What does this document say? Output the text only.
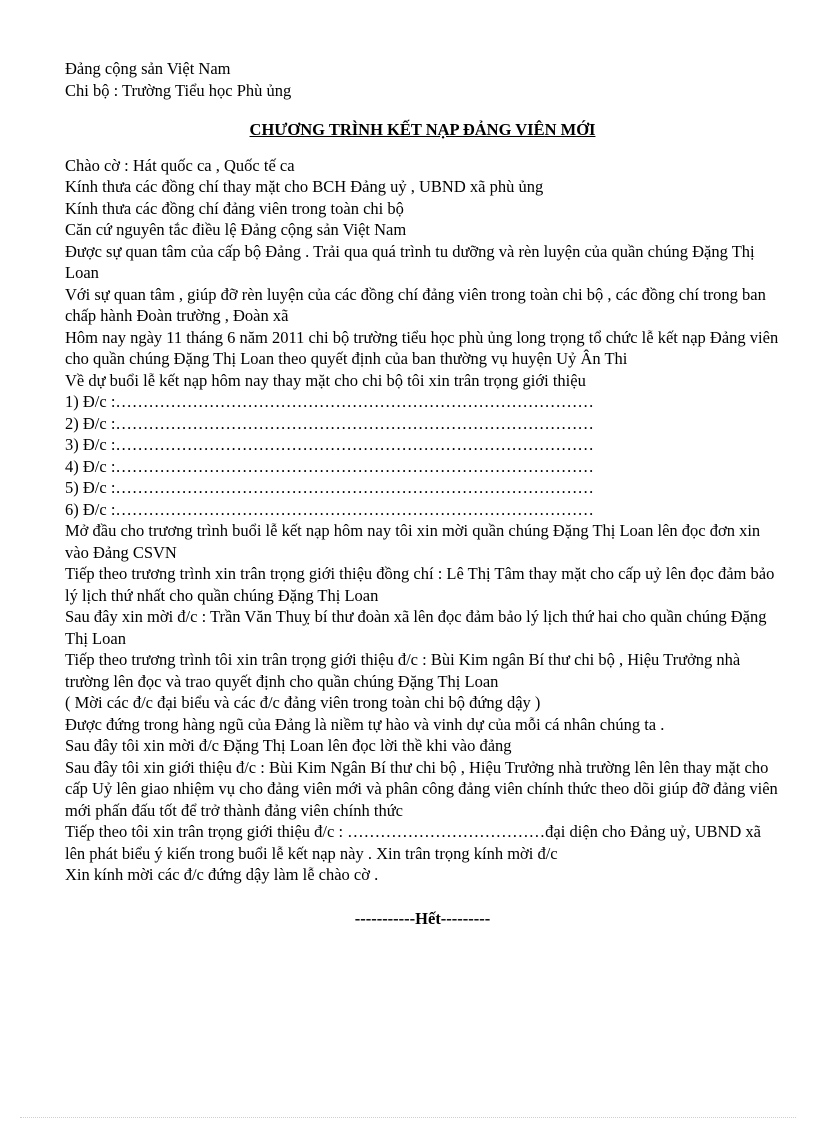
Đảng cộng sản Việt Nam
Chi bộ : Trường Tiểu học Phù ủng
CHƯƠNG TRÌNH KẾT NẠP ĐẢNG VIÊN MỚI
Chào cờ : Hát quốc ca , Quốc tế ca
Kính thưa các đồng chí thay mặt cho BCH Đảng uỷ , UBND xã phù ủng
Kính thưa các đồng chí đảng viên trong toàn chi bộ
Căn cứ nguyên tắc điều lệ Đảng cộng sản Việt Nam
Được sự quan tâm của cấp bộ Đảng . Trải qua quá trình tu dưỡng và rèn luyện của quần chúng Đặng Thị Loan
Với sự quan tâm , giúp đỡ rèn luyện của các đồng chí đảng viên trong toàn chi bộ , các đồng chí trong ban chấp hành Đoàn trường , Đoàn xã
Hôm nay ngày 11 tháng 6 năm 2011 chi bộ trường tiểu học phù ủng long trọng tổ chức lễ kết nạp Đảng viên cho quần chúng Đặng Thị Loan theo quyết định của ban thường vụ huyện Uỷ Ân Thi
Về dự buổi lễ kết nạp hôm nay thay mặt cho chi bộ tôi xin trân trọng giới thiệu
1) Đ/c :……………………………………………………………………………
2) Đ/c :……………………………………………………………………………
3) Đ/c :……………………………………………………………………………
4) Đ/c :……………………………………………………………………………
5) Đ/c :……………………………………………………………………………
6) Đ/c :……………………………………………………………………………
Mở đầu cho trương trình buổi lễ kết nạp hôm nay tôi xin mời quần chúng Đặng Thị Loan lên đọc đơn xin vào Đảng CSVN
Tiếp theo trương trình xin trân trọng giới thiệu đồng chí : Lê Thị Tâm thay mặt cho cấp uỷ lên đọc đảm bảo lý lịch thứ nhất cho quần chúng Đặng Thị Loan
Sau đây xin mời đ/c : Trần Văn Thuỵ bí thư đoàn xã lên đọc đảm bảo lý lịch thứ hai cho quần chúng Đặng Thị Loan
Tiếp theo trương trình tôi xin trân trọng giới thiệu đ/c : Bùi Kim ngân Bí thư chi bộ , Hiệu Trưởng nhà trường lên đọc và trao quyết định cho quần chúng Đặng Thị Loan
( Mời các đ/c đại biểu và các đ/c đảng viên trong toàn chi bộ đứng dậy )
Được đứng trong hàng ngũ của Đảng là niềm tự hào và vinh dự của mỗi cá nhân chúng ta .
Sau đây tôi xin mời đ/c Đặng Thị Loan lên đọc lời thề khi vào đảng
Sau đây tôi xin giới thiệu đ/c : Bùi Kim Ngân Bí thư chi bộ , Hiệu Trưởng nhà trường lên lên thay mặt cho cấp Uỷ lên giao nhiệm vụ cho đảng viên mới và phân công đảng viên chính thức theo dõi giúp đỡ đảng viên mới phấn đấu tốt để trở thành đảng viên chính thức
Tiếp theo tôi xin trân trọng giới thiệu đ/c : ………………………………đại diện cho Đảng uỷ, UBND xã lên phát biểu ý kiến trong buổi lễ kết nạp này . Xin trân trọng kính mời đ/c
Xin kính mời các đ/c đứng dậy làm lễ chào cờ .
-----------Hết---------
